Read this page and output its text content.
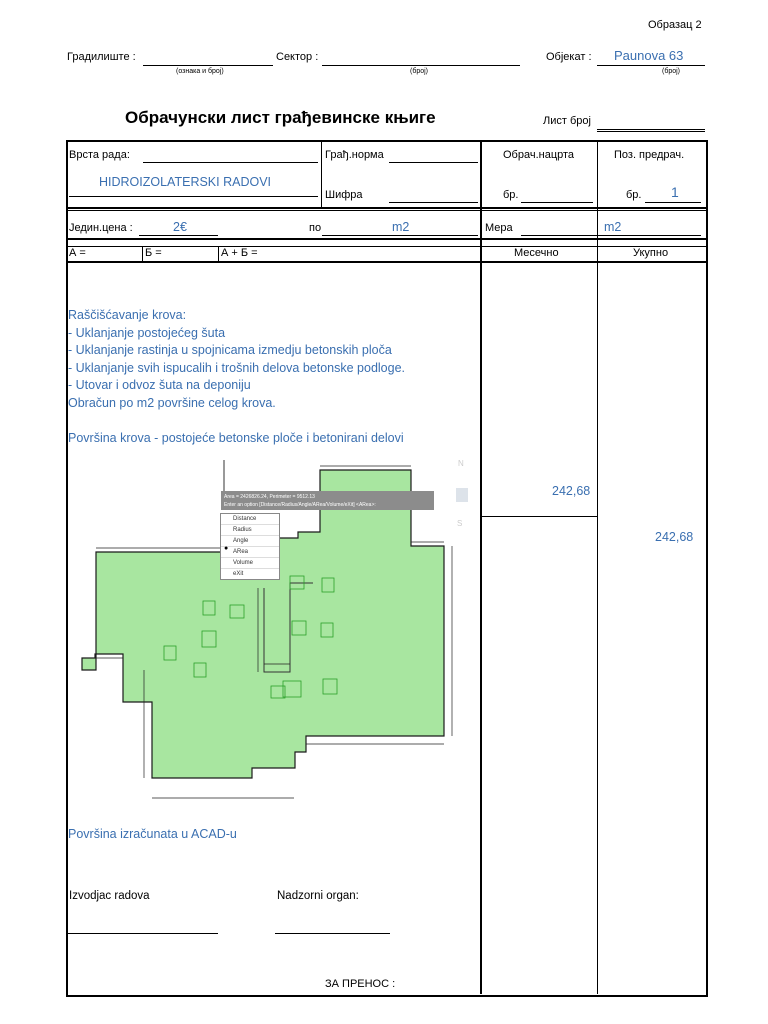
Образац 2
Градилиште :
(ознака и број)
Сектор :
(број)
Објекат : Paunova 63
(број)
Обрачунски лист грађевинске књиге	Лист број
Врста рада:
HIDROIZOLATERSKI RADOVI
Грађ.норма
Шифра
Обрач.нацрта
бр.
Поз. предрач.
бр. 1
Једин.цена :	2€	по	m2	Мера	m2
А =	Б =	А + Б =	Месечно	Укупно
Raščišćavanje krova:
- Uklanjanje postojećeg šuta
- Uklanjanje rastinja u spojnicama izmedju betonskih ploča
- Uklanjanje svih ispucalih i trošnih delova betonske podloge.
- Utovar i odvoz šuta na deponiju
Obračun po m2 površine celog krova.
Površina krova - postojeće betonske ploče i betonirani delovi
242,68
242,68
Area = 2426826.24, Perimeter = 9512.13
Enter an option [Distance/Radius/Angle/ARea/Volume/eXit] <ARea>:
N
S
Distance
Radius
Angle
ARea
Volume
eXit
●
Površina izračunata u ACAD-u
Izvodjac radova	Nadzorni organ:
ЗА ПРЕНОС :
